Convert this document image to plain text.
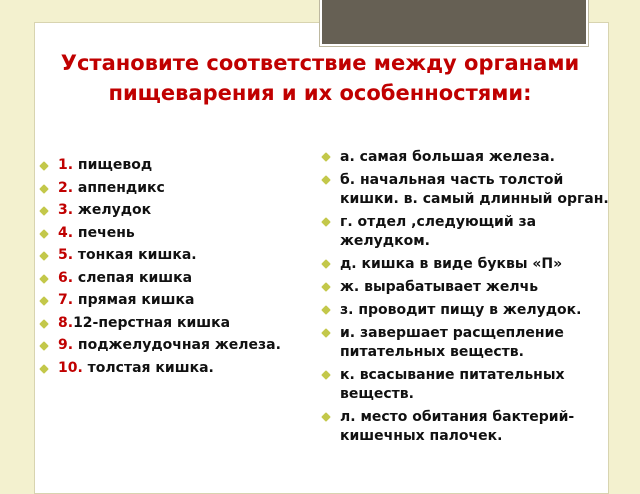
Установите соответствие между органами пищеварения и их особенностями:
1. пищевод
2. аппендикс
3. желудок
4. печень
5. тонкая кишка.
6. слепая кишка
7. прямая кишка
8.12-перстная кишка
9. поджелудочная железа.
10. толстая кишка.
а. самая большая железа.
б. начальная часть толстой кишки. в. самый длинный орган.
г. отдел ,следующий за желудком.
д. кишка в виде буквы «П»
ж. вырабатывает желчь
з. проводит пищу в желудок.
и. завершает расщепление питательных веществ.
к. всасывание питательных веществ.
л. место обитания бактерий-кишечных палочек.
